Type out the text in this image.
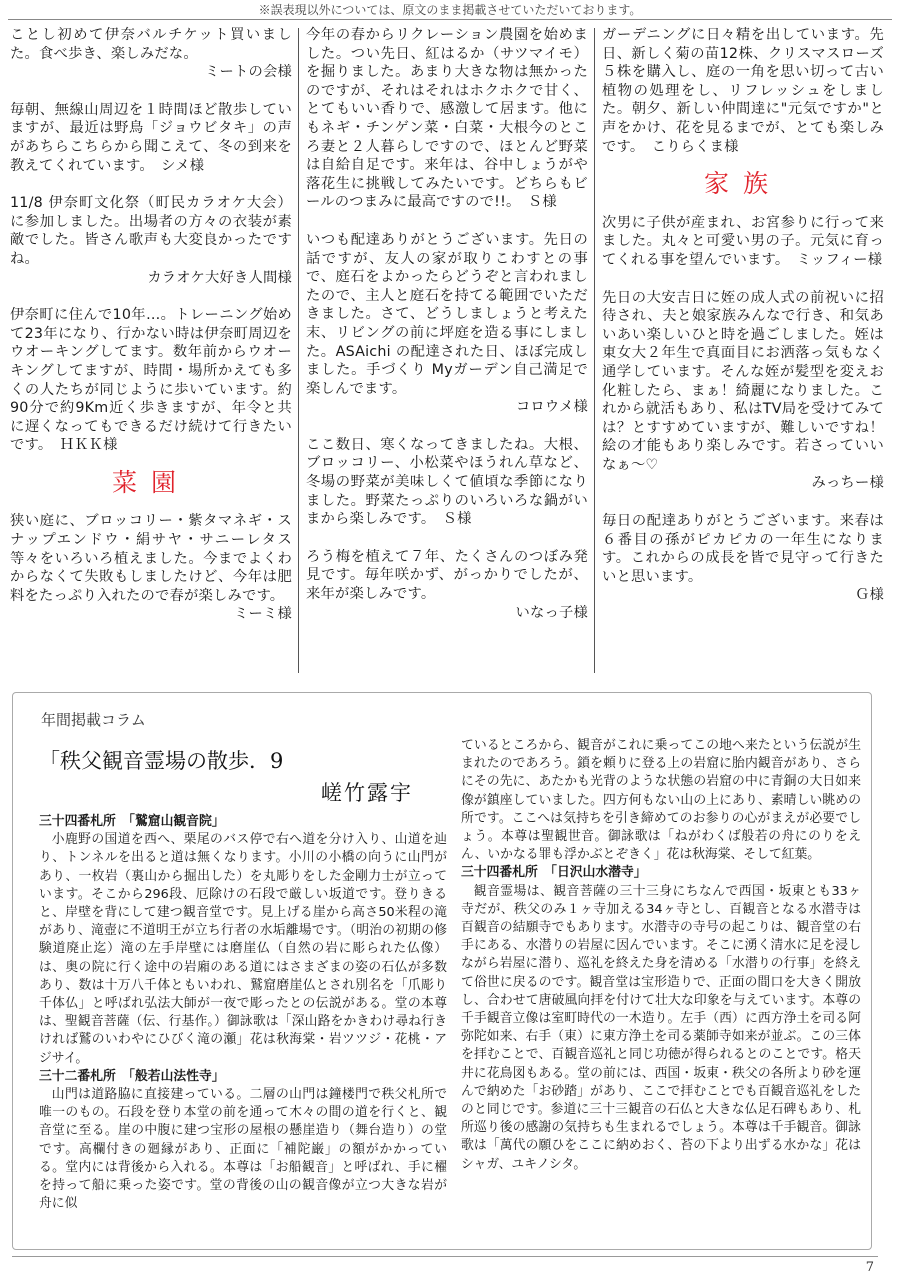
※誤表現以外については、原文のまま掲載させていただいております。

ことし初めて伊奈バルチケット買いました。食べ歩き、楽しみだな。

ミートの会様

毎朝、無線山周辺を１時間ほど散歩していますが、最近は野鳥「ジョウビタキ」の声があちらこちらから聞こえて、冬の到来を教えてくれています。　シメ様

11/8 伊奈町文化祭（町民カラオケ大会）に参加しました。出場者の方々の衣装が素敵でした。皆さん歌声も大変良かったですね。

カラオケ大好き人間様

伊奈町に住んで10年…。トレーニング始めて23年になり、行かない時は伊奈町周辺をウオーキングしてます。数年前からウオーキングしてますが、時間・場所かえても多くの人たちが同じように歩いています。約90分で約9Km近く歩きますが、年令と共に遅くなってもできるだけ続けて行きたいです。　ＨＫＫ様

菜園

狭い庭に、ブロッコリー・紫タマネギ・スナップエンドウ・絹サヤ・サニーレタス等々をいろいろ植えました。今までよくわからなくて失敗もしましたけど、今年は肥料をたっぷり入れたので春が楽しみです。

ミーミ様

今年の春からリクレーション農園を始めました。つい先日、紅はるか（サツマイモ）を掘りました。あまり大きな物は無かったのですが、それはそれはホクホクで甘く、とてもいい香りで、感激して居ます。他にもネギ・チンゲン菜・白菜・大根今のところ妻と２人暮らしですので、ほとんど野菜は自給自足です。来年は、谷中しょうがや落花生に挑戦してみたいです。どちらもビールのつまみに最高ですので!!。　Ｓ様

いつも配達ありがとうございます。先日の話ですが、友人の家が取りこわすとの事で、庭石をよかったらどうぞと言われましたので、主人と庭石を持てる範囲でいただきました。さて、どうしましょうと考えた末、リビングの前に坪庭を造る事にしました。ASAichi の配達された日、ほぼ完成しました。手づくり Myガーデン自己満足で楽しんでます。

コロウメ様

ここ数日、寒くなってきましたね。大根、ブロッコリー、小松菜やほうれん草など、冬場の野菜が美味しくて値頃な季節になりました。野菜たっぷりのいろいろな鍋がいまから楽しみです。　Ｓ様

ろう梅を植えて７年、たくさんのつぼみ発見です。毎年咲かず、がっかりでしたが、来年が楽しみです。

いなっ子様

ガーデニングに日々精を出しています。先日、新しく菊の苗12株、クリスマスローズ５株を購入し、庭の一角を思い切って古い植物の処理をし、リフレッシュをしました。朝夕、新しい仲間達に"元気ですか"と声をかけ、花を見るまでが、とても楽しみです。　こりらくま様

家族

次男に子供が産まれ、お宮参りに行って来ました。丸々と可愛い男の子。元気に育ってくれる事を望んでいます。　ミッフィー様

先日の大安吉日に姪の成人式の前祝いに招待され、夫と娘家族みんなで行き、和気あいあい楽しいひと時を過ごしました。姪は東女大２年生で真面目にお洒落っ気もなく通学しています。そんな姪が髪型を変えお化粧したら、まぁ！綺麗になりました。これから就活もあり、私はTV局を受けてみては？とすすめていますが、難しいですね！絵の才能もあり楽しみです。若さっていいなぁ〜♡

みっちー様

毎日の配達ありがとうございます。来春は６番目の孫がピカピカの一年生になります。これからの成長を皆で見守って行きたいと思います。

Ｇ様
年間掲載コラム
「秩父観音霊場の散歩．9
嵯竹露宇

三十四番札所　「鷲窟山観音院」

小鹿野の国道を西へ、栗尾のバス停で右へ道を分け入り、山道を辿り、トンネルを出ると道は無くなります。小川の小橋の向うに山門があり、一枚岩（裏山から掘出した）を丸彫りをした金剛力士が立っています。そこから296段、厄除けの石段で厳しい坂道です。登りきると、岸壁を背にして建つ観音堂です。見上げる崖から高さ50米程の滝があり、滝壺に不道明王が立ち行者の水垢離場です。（明治の初期の修験道廃止迄）滝の左手岸壁には磨崖仏（自然の岩に彫られた仏像）は、奥の院に行く途中の岩廂のある道にはさまざまの姿の石仏が多数あり、数は十万八千体ともいわれ、鷲窟磨崖仏とされ別名を「爪彫り千体仏」と呼ばれ弘法大師が一夜で彫ったとの伝説がある。堂の本尊は、聖観音菩薩（伝、行基作。）御詠歌は「深山路をかきわけ尋ね行きければ鷲のいわやにひびく滝の瀬」花は秋海棠・岩ツツジ・花桃・アジサイ。

三十二番札所　「般若山法性寺」

山門は道路脇に直接建っている。二層の山門は鐘楼門で秩父札所で唯一のもの。石段を登り本堂の前を通って木々の間の道を行くと、観音堂に至る。崖の中腹に建つ宝形の屋根の懸崖造り（舞台造り）の堂です。高欄付きの廻縁があり、正面に「補陀巌」の額がかかっている。堂内には背後から入れる。本尊は「お船観音」と呼ばれ、手に櫂を持って船に乗った姿です。堂の背後の山の観音像が立つ大きな岩が舟に似

ているところから、観音がこれに乗ってこの地へ来たという伝説が生まれたのであろう。鎖を頼りに登る上の岩窟に胎内観音があり、さらにその先に、あたかも光背のような状態の岩窟の中に青銅の大日如来像が鎮座していました。四方何もない山の上にあり、素晴しい眺めの所です。ここへは気持ちを引き締めてのお参りの心がまえが必要でしょう。本尊は聖観世音。御詠歌は「ねがわくば般若の舟にのりをえん、いかなる罪も浮かぶとぞきく」花は秋海棠、そして紅葉。

三十四番札所　「日沢山水潜寺」

観音霊場は、観音菩薩の三十三身にちなんで西国・坂東とも33ヶ寺だが、秩父のみ１ヶ寺加える34ヶ寺とし、百観音となる水潜寺は百観音の結願寺でもあります。水潜寺の寺号の起こりは、観音堂の右手にある、水潜りの岩屋に因んでいます。そこに湧く清水に足を浸しながら岩屋に潜り、巡礼を終えた身を清める「水潜りの行事」を終えて俗世に戻るのです。観音堂は宝形造りで、正面の間口を大きく開放し、合わせて唐破風向拝を付けて壮大な印象を与えています。本尊の千手観音立像は室町時代の一木造り。左手（西）に西方浄土を司る阿弥陀如来、右手（東）に東方浄土を司る薬師寺如来が並ぶ。この三体を拝むことで、百観音巡礼と同じ功徳が得られるとのことです。格天井に花鳥図もある。堂の前には、西国・坂東・秩父の各所より砂を運んで納めた「お砂踏」があり、ここで拝むことでも百観音巡礼をしたのと同じです。参道に三十三観音の石仏と大きな仏足石碑もあり、札所巡り後の感謝の気持ちも生まれるでしょう。本尊は千手観音。御詠歌は「萬代の願ひをここに納めおく、苔の下より出ずる水かな」花はシャガ、ユキノシタ。

7
